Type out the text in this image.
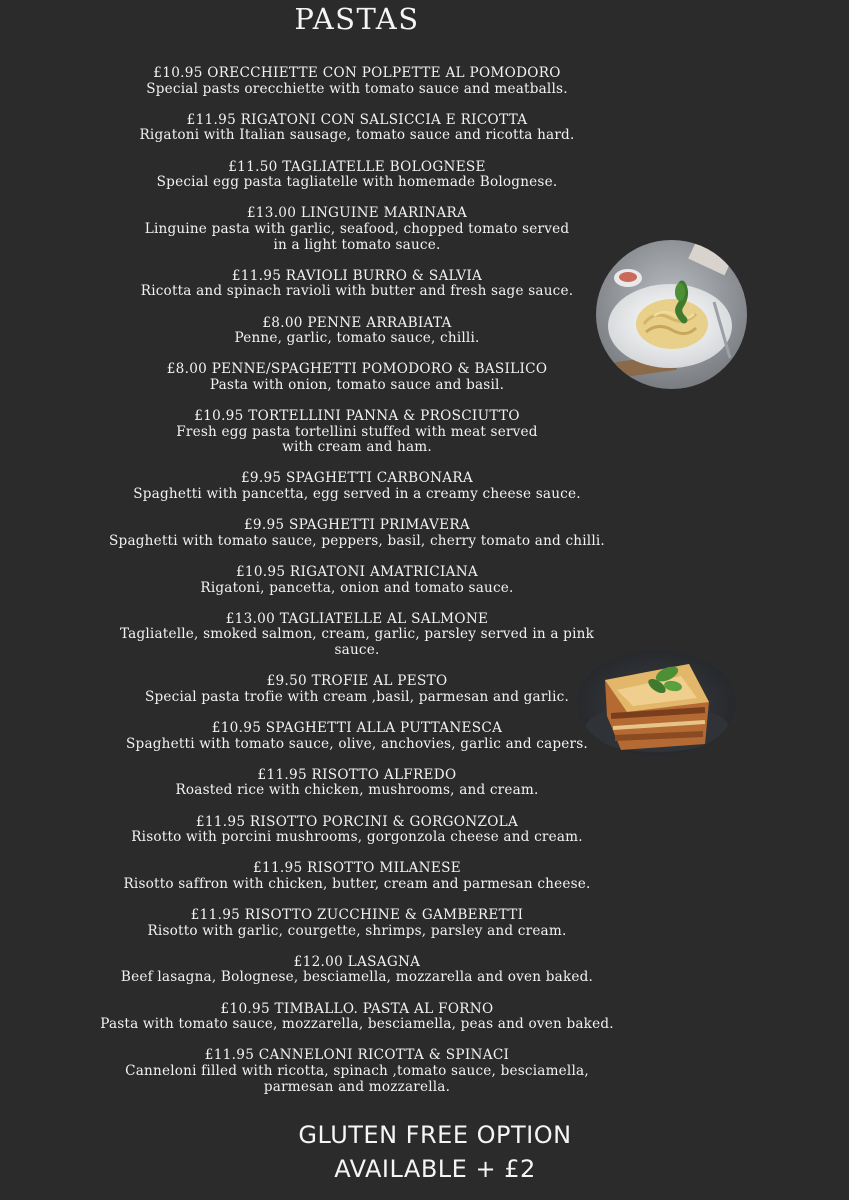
PASTAS
£10.95 ORECCHIETTE CON POLPETTE AL POMODORO
Special pasts orecchiette with tomato sauce and meatballs.
£11.95 RIGATONI CON SALSICCIA E RICOTTA
Rigatoni with Italian sausage, tomato sauce and ricotta hard.
£11.50 TAGLIATELLE BOLOGNESE
Special egg pasta tagliatelle with homemade Bolognese.
£13.00 LINGUINE MARINARA
Linguine pasta with garlic, seafood, chopped tomato served
in a light tomato sauce.
£11.95 RAVIOLI BURRO & SALVIA
Ricotta and spinach ravioli with butter and fresh sage sauce.
£8.00 PENNE ARRABIATA
Penne, garlic, tomato sauce, chilli.
£8.00 PENNE/SPAGHETTI POMODORO & BASILICO
Pasta with onion, tomato sauce and basil.
£10.95 TORTELLINI PANNA & PROSCIUTTO
Fresh egg pasta tortellini stuffed with meat served
with cream and ham.
£9.95 SPAGHETTI CARBONARA
Spaghetti with pancetta, egg served in a creamy cheese sauce.
£9.95 SPAGHETTI PRIMAVERA
Spaghetti with tomato sauce, peppers, basil, cherry tomato and chilli.
£10.95 RIGATONI AMATRICIANA
Rigatoni, pancetta, onion and tomato sauce.
£13.00 TAGLIATELLE AL SALMONE
Tagliatelle, smoked salmon, cream, garlic, parsley served in a pink
sauce.
£9.50 TROFIE AL PESTO
Special pasta trofie with cream ,basil, parmesan and garlic.
£10.95 SPAGHETTI ALLA PUTTANESCA
Spaghetti with tomato sauce, olive, anchovies, garlic and capers.
£11.95 RISOTTO ALFREDO
Roasted rice with chicken, mushrooms, and cream.
£11.95 RISOTTO PORCINI & GORGONZOLA
Risotto with porcini mushrooms, gorgonzola cheese and cream.
£11.95 RISOTTO MILANESE
Risotto saffron with chicken, butter, cream and parmesan cheese.
£11.95 RISOTTO ZUCCHINE & GAMBERETTI
Risotto with garlic, courgette, shrimps, parsley and cream.
£12.00 LASAGNA
Beef lasagna, Bolognese, besciamella, mozzarella and oven baked.
£10.95 TIMBALLO. PASTA AL FORNO
Pasta with tomato sauce, mozzarella, besciamella, peas and oven baked.
£11.95 CANNELONI RICOTTA & SPINACI
Canneloni filled with ricotta, spinach ,tomato sauce, besciamella,
parmesan and mozzarella.
GLUTEN FREE OPTION
AVAILABLE + £2
